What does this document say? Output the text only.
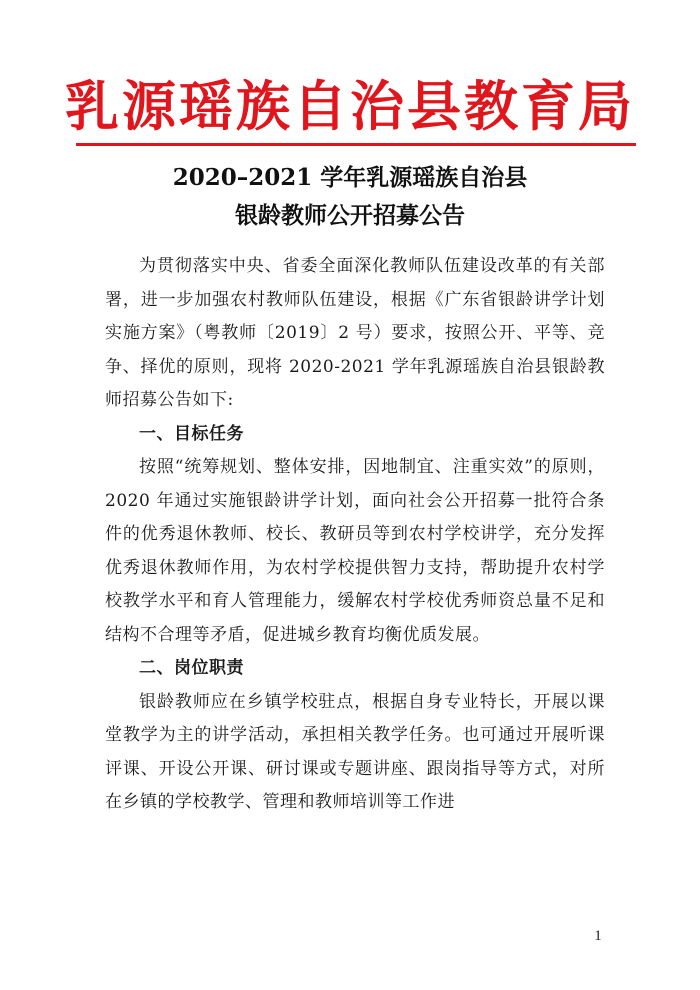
乳源瑶族自治县教育局
2020–2021 学年乳源瑶族自治县
银龄教师公开招募公告

为贯彻落实中央、省委全面深化教师队伍建设改革的有关部署，进一步加强农村教师队伍建设，根据《广东省银龄讲学计划实施方案》（粤教师〔2019〕2 号）要求，按照公开、平等、竞争、择优的原则，现将 2020-2021 学年乳源瑶族自治县银龄教师招募公告如下:

一、目标任务

按照“统筹规划、整体安排，因地制宜、注重实效”的原则，2020 年通过实施银龄讲学计划，面向社会公开招募一批符合条件的优秀退休教师、校长、教研员等到农村学校讲学，充分发挥优秀退休教师作用，为农村学校提供智力支持，帮助提升农村学校教学水平和育人管理能力，缓解农村学校优秀师资总量不足和结构不合理等矛盾，促进城乡教育均衡优质发展。

二、岗位职责

银龄教师应在乡镇学校驻点，根据自身专业特长，开展以课堂教学为主的讲学活动，承担相关教学任务。也可通过开展听课评课、开设公开课、研讨课或专题讲座、跟岗指导等方式，对所在乡镇的学校教学、管理和教师培训等工作进

1
